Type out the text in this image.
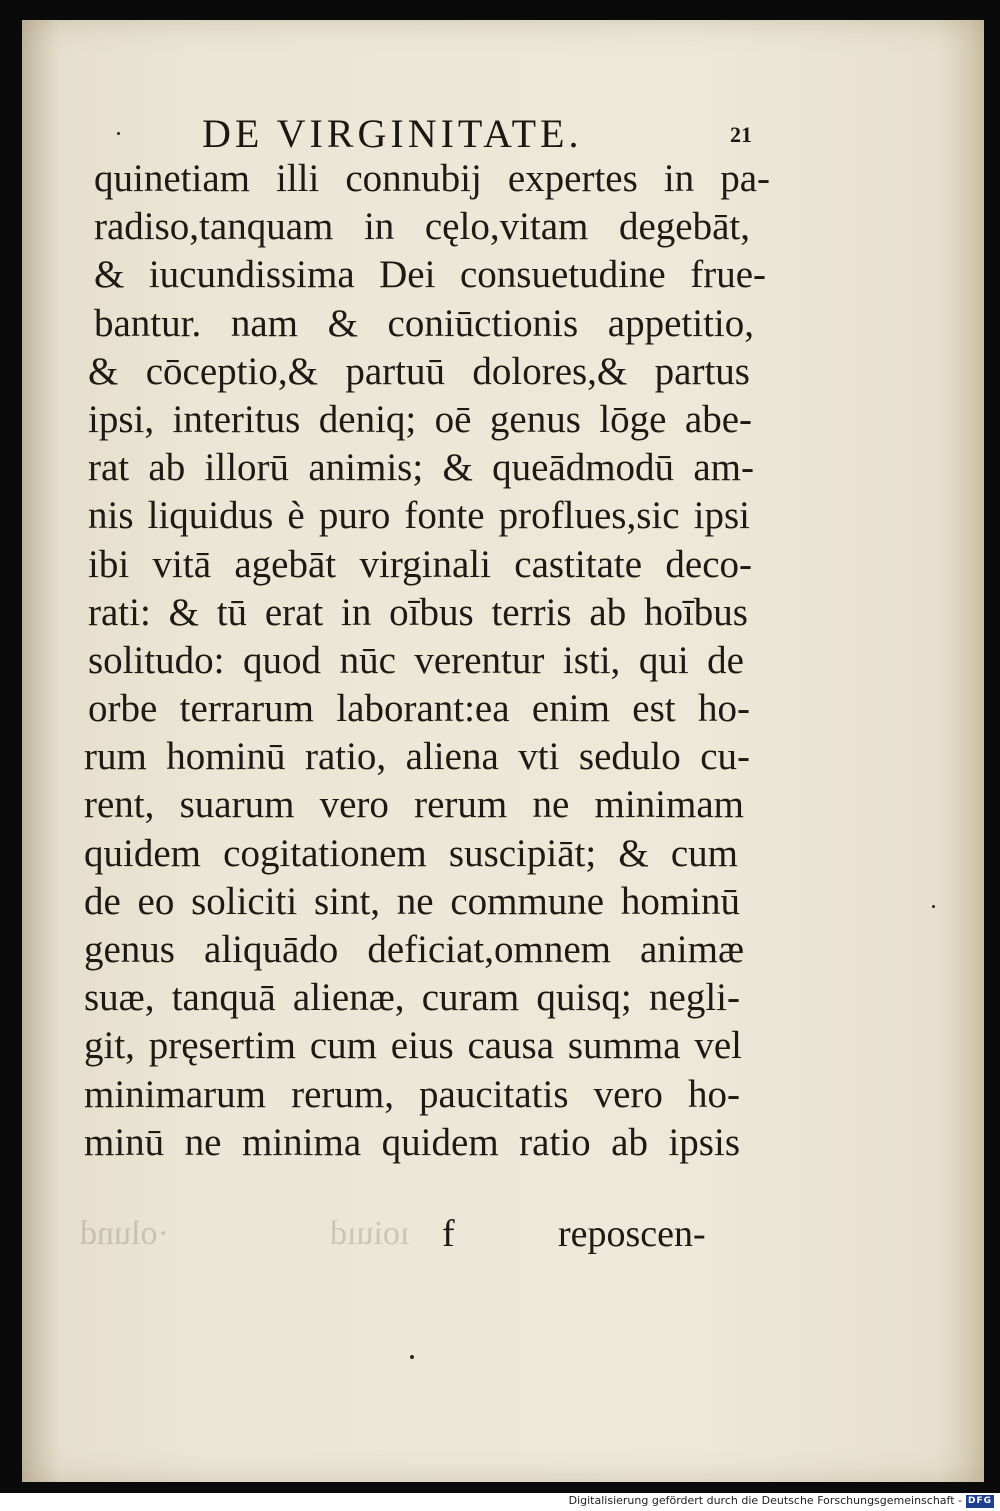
DE VIRGINITATE.	21
quinetiam illi connubij expertes in pa-
radiso,tanquam in cęlo,vitam degebāt,
& iucundissima Dei consuetudine frue-
bantur. nam & coniūctionis appetitio,
& cōceptio,& partuū dolores,& partus
ipsi, interitus deniq; oē genus lōge abe-
rat ab illorū animis; & queādmodū am-
nis liquidus è puro fonte proflues,sic ipsi
ibi vitā agebāt virginali castitate deco-
rati: & tū erat in oībus terris ab hoībus
solitudo: quod nūc verentur isti, qui de
orbe terrarum laborant:ea enim est ho-
rum hominū ratio, aliena vti sedulo cu-
rent, suarum vero rerum ne minimam
quidem cogitationem suscipiāt; & cum
de eo soliciti sint, ne commune hominū
genus aliquādo deficiat,omnem animæ
suæ, tanquā alienæ, curam quisq; negli-
git, pręsertim cum eius causa summa vel
minimarum rerum, paucitatis vero ho-
minū ne minima quidem ratio ab ipsis
·olund	ıoiuıd f	reposcen-
Digitalisierung gefördert durch die Deutsche Forschungsgemeinschaft - DFG
